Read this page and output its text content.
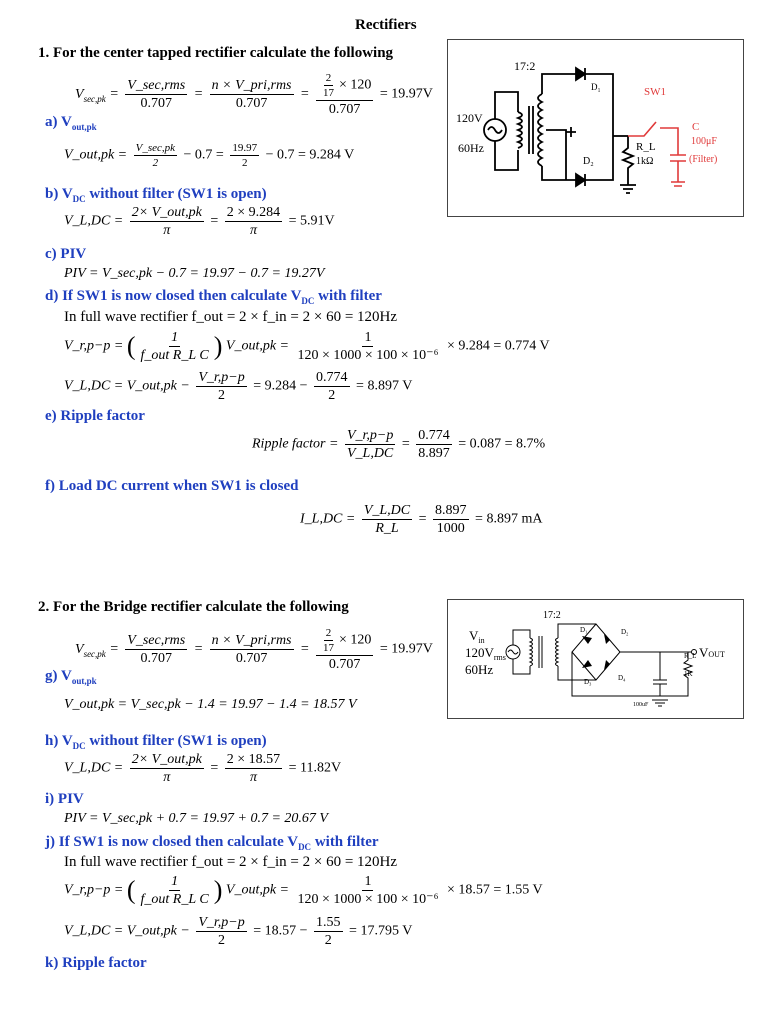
Rectifiers
1. For the center tapped rectifier calculate the following
$V_{sec,pk} = \frac{\text{V\_sec,rms}}{0.707} = \frac{\text{n × V\_pri,rms}}{0.707} = \frac{\frac{2}{17} \times 120}{0.707} = 19.97V$
a) $V_{out,pk}$
V_out,pk = $\frac{V\_\sec,pk}{2} - 0.7 = \frac{19.97}{2} - 0.7 = 9.284$ V
b) $V_{DC}$ without filter (SW1 is open)
V_L,DC = $\frac{\text{2× V\_out,pk}}{\pi} = \frac{2 \times 9.284}{\pi} = 5.91V$
c) PIV
PIV = V_sec,pk − 0.7 = 19.97 − 0.7 = 19.27V
d) If SW1 is now closed then calculate $V_{DC}$ with filter
In full wave rectifier f_out = 2 × f_in = 2 × 60 = 120Hz
V_r,p−p = ( $\frac{1}{\text{f\_out R\_L C}}$ ) V_out,pk = $\frac{1}{\text{120 × 1000 × 100 × 10⁻⁶}} \times 9.284 = 0.774$ V
V_L,DC = V_out,pk − $\frac{V\_r,p-p}{2} = 9.284 - \frac{0.774}{2} = 8.897$ V
e) Ripple factor
Ripple factor = $\frac{V\_r,p-p}{V\_L,DC} = \frac{0.774}{8.897} = 0.087 = 8.7\%$
f) Load DC current when SW1 is closed
I_L,DC = $\frac{V\_L,DC}{R\_L} = \frac{8.897}{1000} = 8.897$ mA
17:2
120V
60Hz
D₁
D₂
R_L
1kΩ
SW1
C
100μF
(Filter)
2. For the Bridge rectifier calculate the following
$V_{sec,pk} = \frac{\text{V\_sec,rms}}{0.707} = \frac{\text{n × V\_pri,rms}}{0.707} = \frac{\frac{2}{17} \times 120}{0.707} = 19.97V$
g) $V_{out,pk}$
V_out,pk = V_sec,pk − 1.4 = 19.97 − 1.4 = 18.57 V
h) $V_{DC}$ without filter (SW1 is open)
V_L,DC = $\frac{\text{2× V\_out,pk}}{\pi} = \frac{2 \times 18.57}{\pi} = 11.82V$
i) PIV
PIV = V_sec,pk + 0.7 = 19.97 + 0.7 = 20.67 V
j) If SW1 is now closed then calculate $V_{DC}$ with filter
In full wave rectifier f_out = 2 × f_in = 2 × 60 = 120Hz
V_r,p−p = ( $\frac{1}{\text{f\_out R\_L C}}$ ) V_out,pk = $\frac{1}{\text{120 × 1000 × 100 × 10⁻⁶}} \times 18.57 = 1.55$ V
V_L,DC = V_out,pk − $\frac{V\_r,p-p}{2} = 18.57 - \frac{1.55}{2} = 17.795$ V
k) Ripple factor
17:2
$V_{in}$
$120V_{rms}$
60Hz
D₁	D₂
D₃	D₄
100uF
R_L
1K
VOUT
